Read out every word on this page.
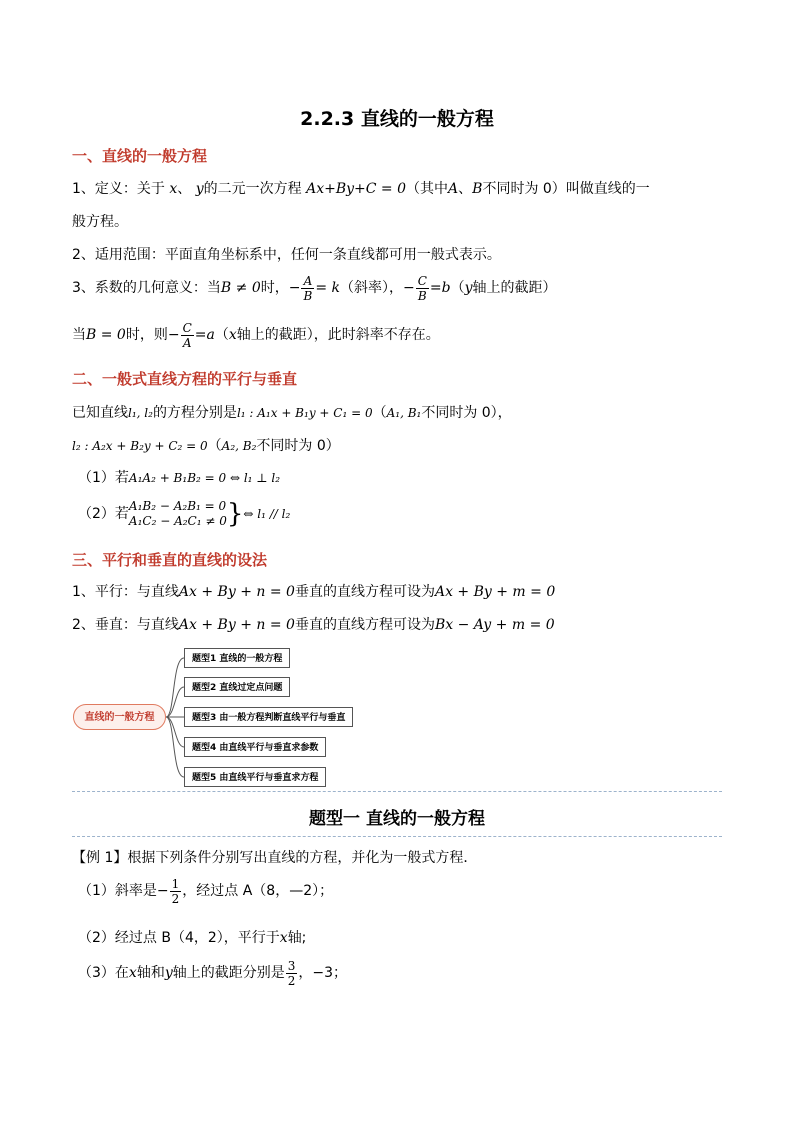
2.2.3 直线的一般方程
一、直线的一般方程
1、定义：关于 x、 y的二元一次方程 Ax+By+C = 0（其中A、B不同时为 0）叫做直线的一
般方程。
2、适用范围：平面直角坐标系中，任何一条直线都可用一般式表示。
3、系数的几何意义：当B ≠ 0时，− $\frac{A}{B} = k$（斜率），− $\frac{C}{B} =b(y$轴上的截距）
当B = 0时，则− $\frac{C}{A} =a(x$轴上的截距），此时斜率不存在。
二、一般式直线方程的平行与垂直
已知直线l₁, l₂的方程分别是l₁ : A₁x + B₁y + C₁ = 0（A₁, B₁不同时为 0），
l₂ : A₂x + B₂y + C₂ = 0（A₂, B₂不同时为 0）
（1）若A₁A₂ + B₁B₂ = 0 ⇔ l₁ ⊥ l₂
（2）若 A₁B₂ − A₂B₁ = 0
A₁C₂ − A₂C₁ ≠ 0 }⇔ l₁ // l₂
三、平行和垂直的直线的设法
1、平行：与直线Ax + By + n = 0垂直的直线方程可设为Ax + By + m = 0
2、垂直：与直线Ax + By + n = 0垂直的直线方程可设为Bx − Ay + m = 0
直线的一般方程
题型1 直线的一般方程
题型2 直线过定点问题
题型3 由一般方程判断直线平行与垂直
题型4 由直线平行与垂直求参数
题型5 由直线平行与垂直求方程
题型一 直线的一般方程
【例 1】根据下列条件分别写出直线的方程，并化为一般式方程．
（1）斜率是− $\frac{1}{2}$ ，经过点 A（8，—2）；
（2）经过点 B（4，2），平行于x轴;
（3）在x轴和y轴上的截距分别是 $\frac{3}{2}$ ，−3；
